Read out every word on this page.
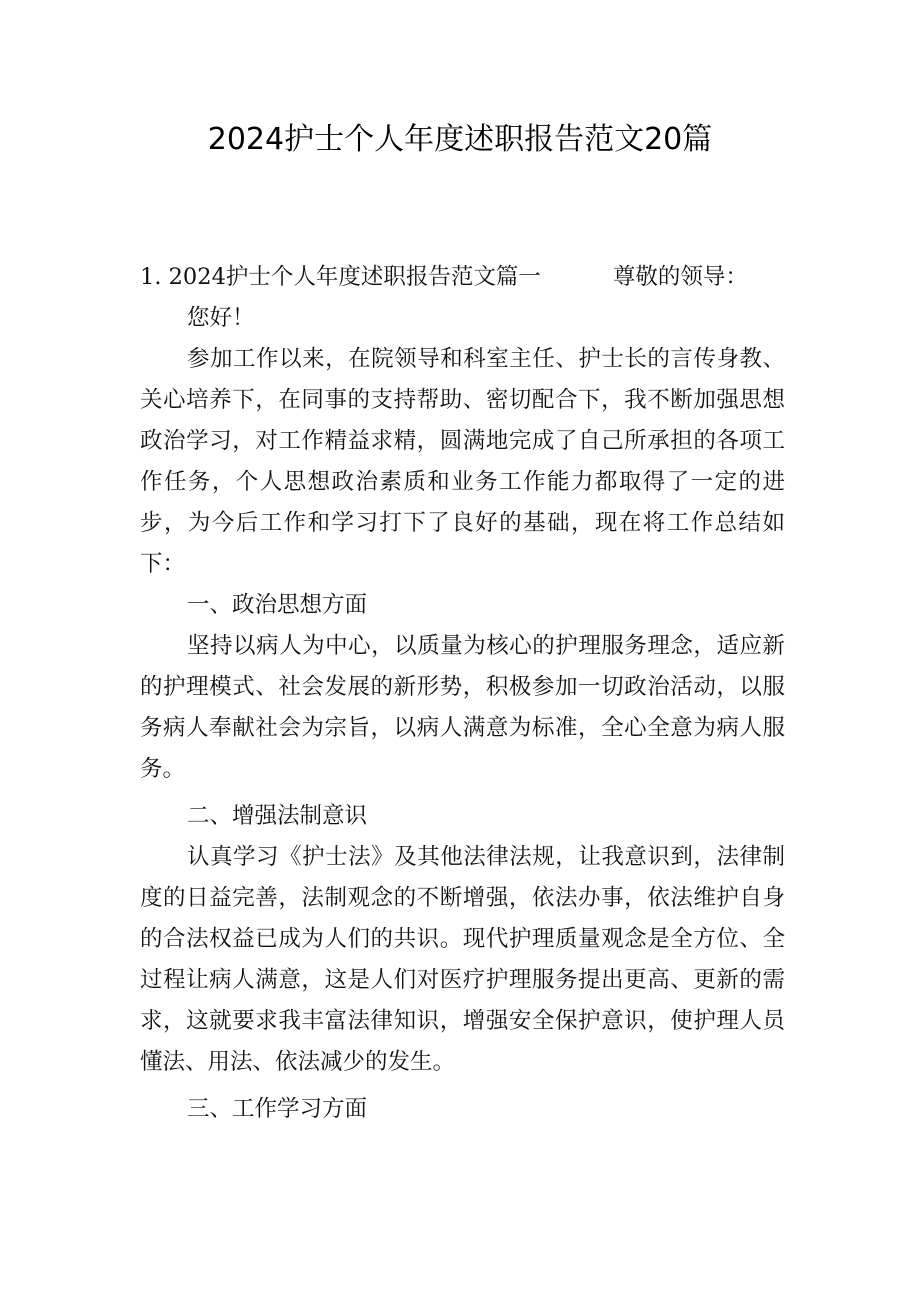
2024护士个人年度述职报告范文20篇

1. 2024护士个人年度述职报告范文篇一	尊敬的领导：

您好！

参加工作以来，在院领导和科室主任、护士长的言传身教、关心培养下，在同事的支持帮助、密切配合下，我不断加强思想政治学习，对工作精益求精，圆满地完成了自己所承担的各项工作任务，个人思想政治素质和业务工作能力都取得了一定的进步，为今后工作和学习打下了良好的基础，现在将工作总结如下：

一、政治思想方面

坚持以病人为中心，以质量为核心的护理服务理念，适应新的护理模式、社会发展的新形势，积极参加一切政治活动，以服务病人奉献社会为宗旨，以病人满意为标准，全心全意为病人服务。

二、增强法制意识

认真学习《护士法》及其他法律法规，让我意识到，法律制度的日益完善，法制观念的不断增强，依法办事，依法维护自身的合法权益已成为人们的共识。现代护理质量观念是全方位、全过程让病人满意，这是人们对医疗护理服务提出更高、更新的需求，这就要求我丰富法律知识，增强安全保护意识，使护理人员懂法、用法、依法减少的发生。

三、工作学习方面
